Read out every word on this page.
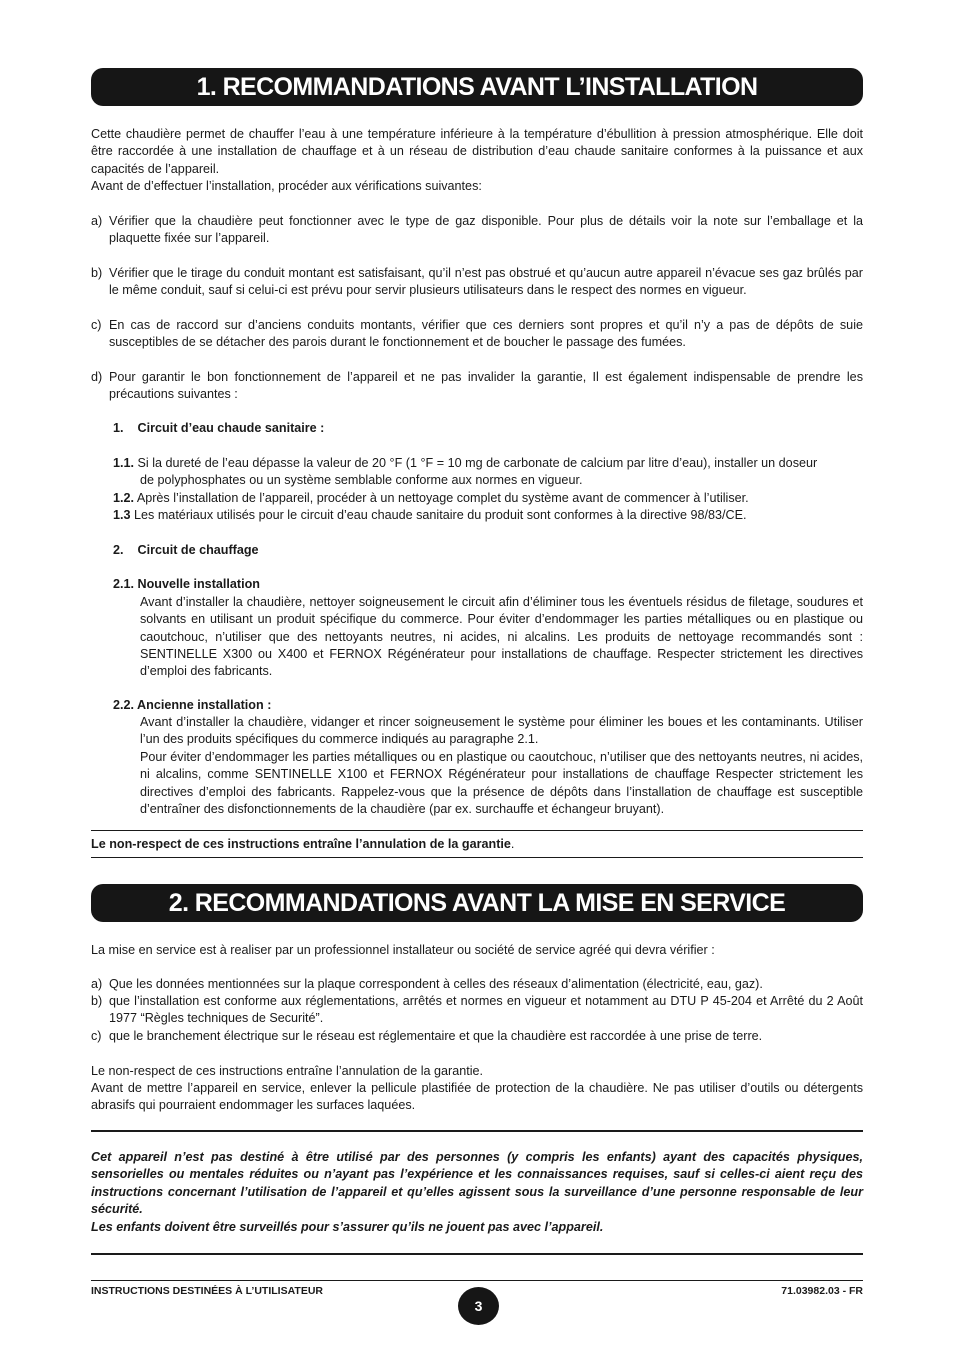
1. RECOMMANDATIONS AVANT L’INSTALLATION

Cette chaudière permet de chauffer l’eau à une température inférieure à la température d’ébullition à pression atmosphérique. Elle doit être raccordée à une installation de chauffage et à un réseau de distribution d’eau chaude sanitaire conformes à la puissance et aux capacités de l’appareil.

Avant de d’effectuer l’installation, procéder aux vérifications suivantes:

a) Vérifier que la chaudière peut fonctionner avec le type de gaz disponible. Pour plus de détails voir la note sur l’emballage et la plaquette fixée sur l’appareil.
b) Vérifier que le tirage du conduit montant est satisfaisant, qu’il n’est pas obstrué et qu’aucun autre appareil n’évacue ses gaz brûlés par le même conduit, sauf si celui-ci est prévu pour servir plusieurs utilisateurs dans le respect des normes en vigueur.
c) En cas de raccord sur d’anciens conduits montants, vérifier que ces derniers sont propres et qu’il n’y a pas de dépôts de suie susceptibles de se détacher des parois durant le fonctionnement et de boucher le passage des fumées.
d) Pour garantir le bon fonctionnement de l’appareil et ne pas invalider la garantie, Il est également indispensable de prendre les précautions suivantes :
1.    Circuit d’eau chaude sanitaire :
1.1. Si la dureté de l’eau dépasse la valeur de 20 °F (1 °F = 10 mg de carbonate de calcium par litre d’eau), installer un doseur
de polyphosphates ou un système semblable conforme aux normes en vigueur.
1.2. Après l’installation de l’appareil, procéder à un nettoyage complet du système avant de commencer à l’utiliser.
1.3 Les matériaux utilisés pour le circuit d’eau chaude sanitaire du produit sont conformes à la directive 98/83/CE.
2.    Circuit de chauffage
2.1. Nouvelle installation
Avant d’installer la chaudière, nettoyer soigneusement le circuit afin d’éliminer tous les éventuels résidus de filetage, soudures et solvants en utilisant un produit spécifique du commerce. Pour éviter d’endommager les parties métalliques ou en plastique ou caoutchouc, n’utiliser que des nettoyants neutres, ni acides, ni alcalins. Les produits de nettoyage recommandés sont : SENTINELLE X300 ou X400 et FERNOX Régénérateur pour installations de chauffage. Respecter strictement les directives d’emploi des fabricants.
2.2. Ancienne installation :
Avant d’installer la chaudière, vidanger et rincer soigneusement le système pour éliminer les boues et les contaminants. Utiliser l’un des produits spécifiques du commerce indiqués au paragraphe 2.1.
Pour éviter d’endommager les parties métalliques ou en plastique ou caoutchouc, n’utiliser que des nettoyants neutres, ni acides, ni alcalins, comme SENTINELLE X100 et FERNOX Régénérateur pour installations de chauffage Respecter strictement les directives d’emploi des fabricants. Rappelez-vous que la présence de dépôts dans l’installation de chauffage est susceptible d’entraîner des disfonctionnements de la chaudière (par ex. surchauffe et échangeur bruyant).
Le non-respect de ces instructions entraîne l’annulation de la garantie.
2. RECOMMANDATIONS AVANT LA MISE EN SERVICE

La mise en service est à realiser par un professionnel installateur ou société de service agréé qui devra vérifier :

a) Que les données mentionnées sur la plaque correspondent à celles des réseaux d’alimentation (électricité, eau, gaz).
b) que l’installation est conforme aux réglementations, arrêtés et normes en vigueur et notamment au DTU P 45-204 et Arrêté du 2 Août 1977 “Règles techniques de Securité”.
c) que le branchement électrique sur le réseau est réglementaire et que la chaudière est raccordée à une prise de terre.

Le non-respect de ces instructions entraîne l’annulation de la garantie.

Avant de mettre l’appareil en service, enlever la pellicule plastifiée de protection de la chaudière. Ne pas utiliser d’outils ou détergents abrasifs qui pourraient endommager les surfaces laquées.

Cet appareil n’est pas destiné à être utilisé par des personnes (y compris les enfants) ayant des capacités physiques, sensorielles ou mentales réduites ou n’ayant pas l’expérience et les connaissances requises, sauf si celles-ci aient reçu des instructions concernant l’utilisation de l’appareil et qu’elles agissent sous la surveillance d’une personne responsable de leur sécurité.
Les enfants doivent être surveillés pour s’assurer qu’ils ne jouent pas avec l’appareil.
INSTRUCTIONS DESTINÉES À L’UTILISATEUR
3
71.03982.03 - FR
